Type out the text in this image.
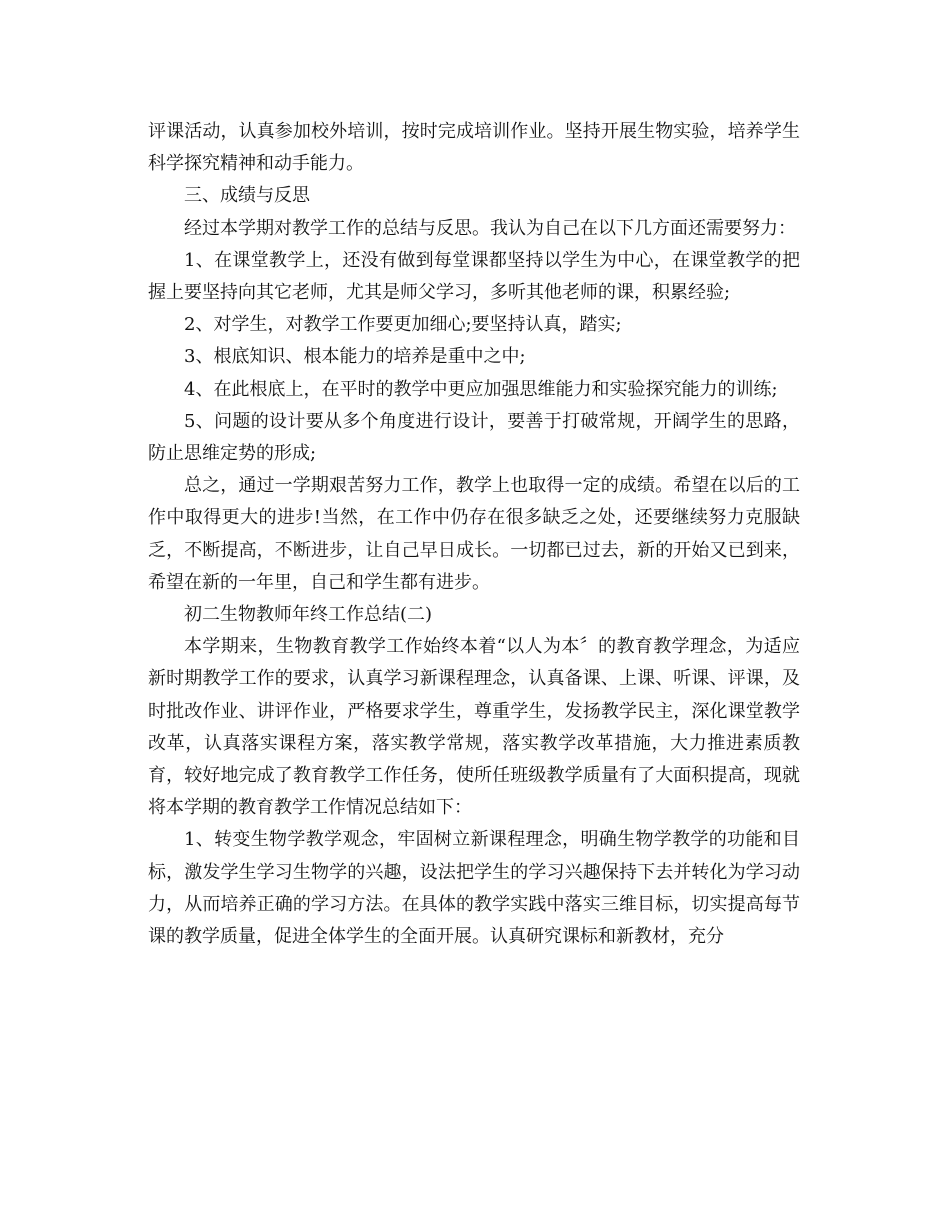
评课活动，认真参加校外培训，按时完成培训作业。坚持开展生物实验，培养学生科学探究精神和动手能力。

三、成绩与反思

经过本学期对教学工作的总结与反思。我认为自己在以下几方面还需要努力：

1、在课堂教学上，还没有做到每堂课都坚持以学生为中心，在课堂教学的把握上要坚持向其它老师，尤其是师父学习，多听其他老师的课，积累经验;

2、对学生，对教学工作要更加细心;要坚持认真，踏实;

3、根底知识、根本能力的培养是重中之中;

4、在此根底上，在平时的教学中更应加强思维能力和实验探究能力的训练;

5、问题的设计要从多个角度进行设计，要善于打破常规，开阔学生的思路，防止思维定势的形成;

总之，通过一学期艰苦努力工作，教学上也取得一定的成绩。希望在以后的工作中取得更大的进步!当然，在工作中仍存在很多缺乏之处，还要继续努力克服缺乏，不断提高，不断进步，让自己早日成长。一切都已过去，新的开始又已到来，希望在新的一年里，自己和学生都有进步。

初二生物教师年终工作总结(二)

本学期来，生物教育教学工作始终本着“以人为本〞的教育教学理念，为适应新时期教学工作的要求，认真学习新课程理念，认真备课、上课、听课、评课，及时批改作业、讲评作业，严格要求学生，尊重学生，发扬教学民主，深化课堂教学改革，认真落实课程方案，落实教学常规，落实教学改革措施，大力推进素质教育，较好地完成了教育教学工作任务，使所任班级教学质量有了大面积提高，现就将本学期的教育教学工作情况总结如下：

1、转变生物学教学观念，牢固树立新课程理念，明确生物学教学的功能和目标，激发学生学习生物学的兴趣，设法把学生的学习兴趣保持下去并转化为学习动力，从而培养正确的学习方法。在具体的教学实践中落实三维目标，切实提高每节课的教学质量，促进全体学生的全面开展。认真研究课标和新教材，充分
